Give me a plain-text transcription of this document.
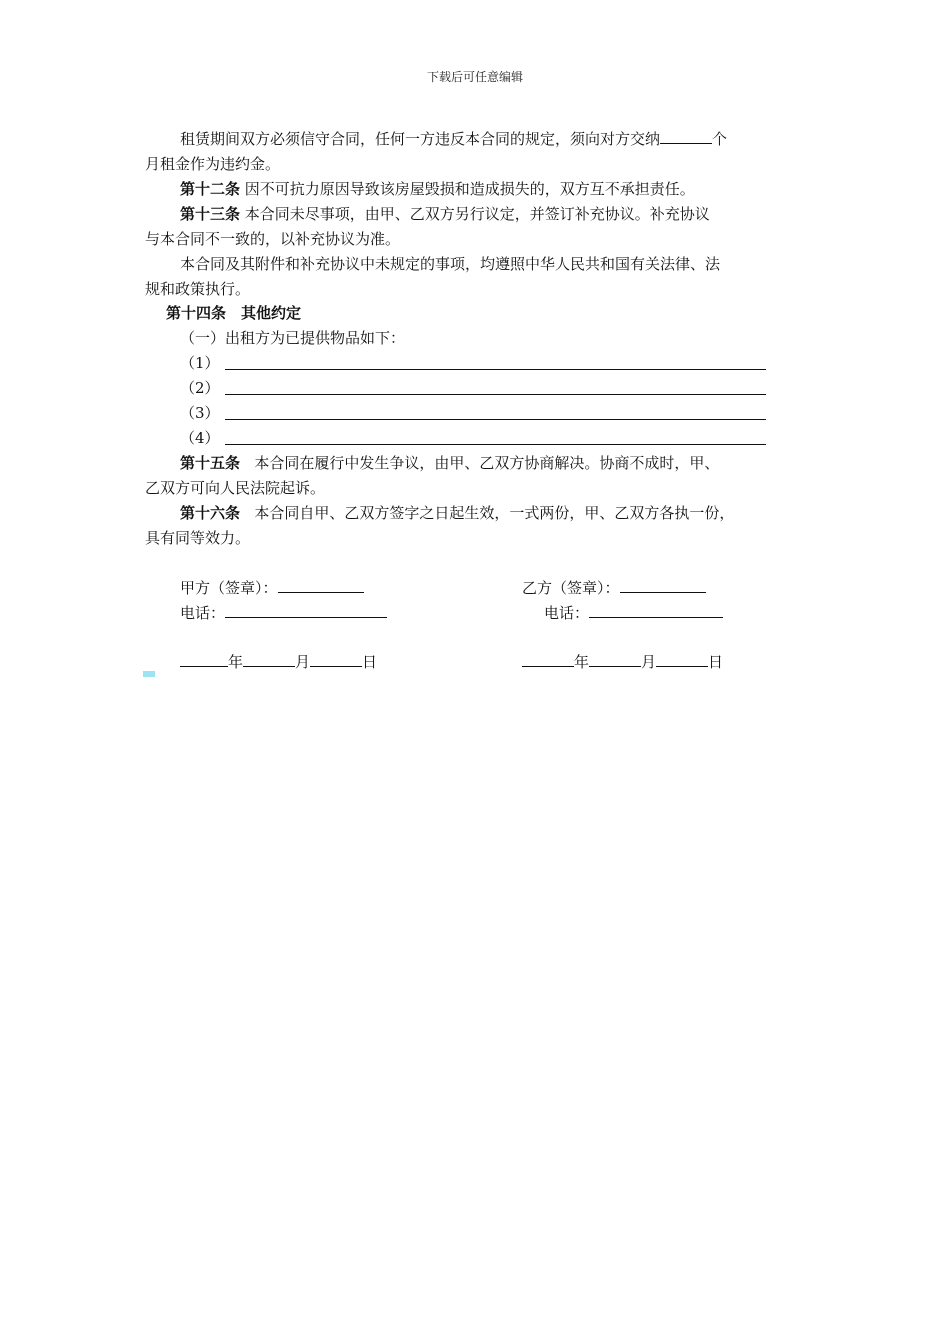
下载后可任意编辑
租赁期间双方必须信守合同，任何一方违反本合同的规定，须向对方交纳	个
月租金作为违约金。
第十二条 因不可抗力原因导致该房屋毁损和造成损失的，双方互不承担责任。
第十三条 本合同未尽事项，由甲、乙双方另行议定，并签订补充协议。补充协议
与本合同不一致的，以补充协议为准。
本合同及其附件和补充协议中未规定的事项，均遵照中华人民共和国有关法律、法
规和政策执行。
第十四条　其他约定
（一）出租方为已提供物品如下：
（1）
（2）
（3）
（4）
第十五条 本合同在履行中发生争议，由甲、乙双方协商解决。协商不成时，甲、
乙双方可向人民法院起诉。
第十六条 本合同自甲、乙双方签字之日起生效，一式两份，甲、乙双方各执一份，
具有同等效力。
甲方（签章）：	乙方（签章）：
电话：	电话：
年	月	日	年	月	日
